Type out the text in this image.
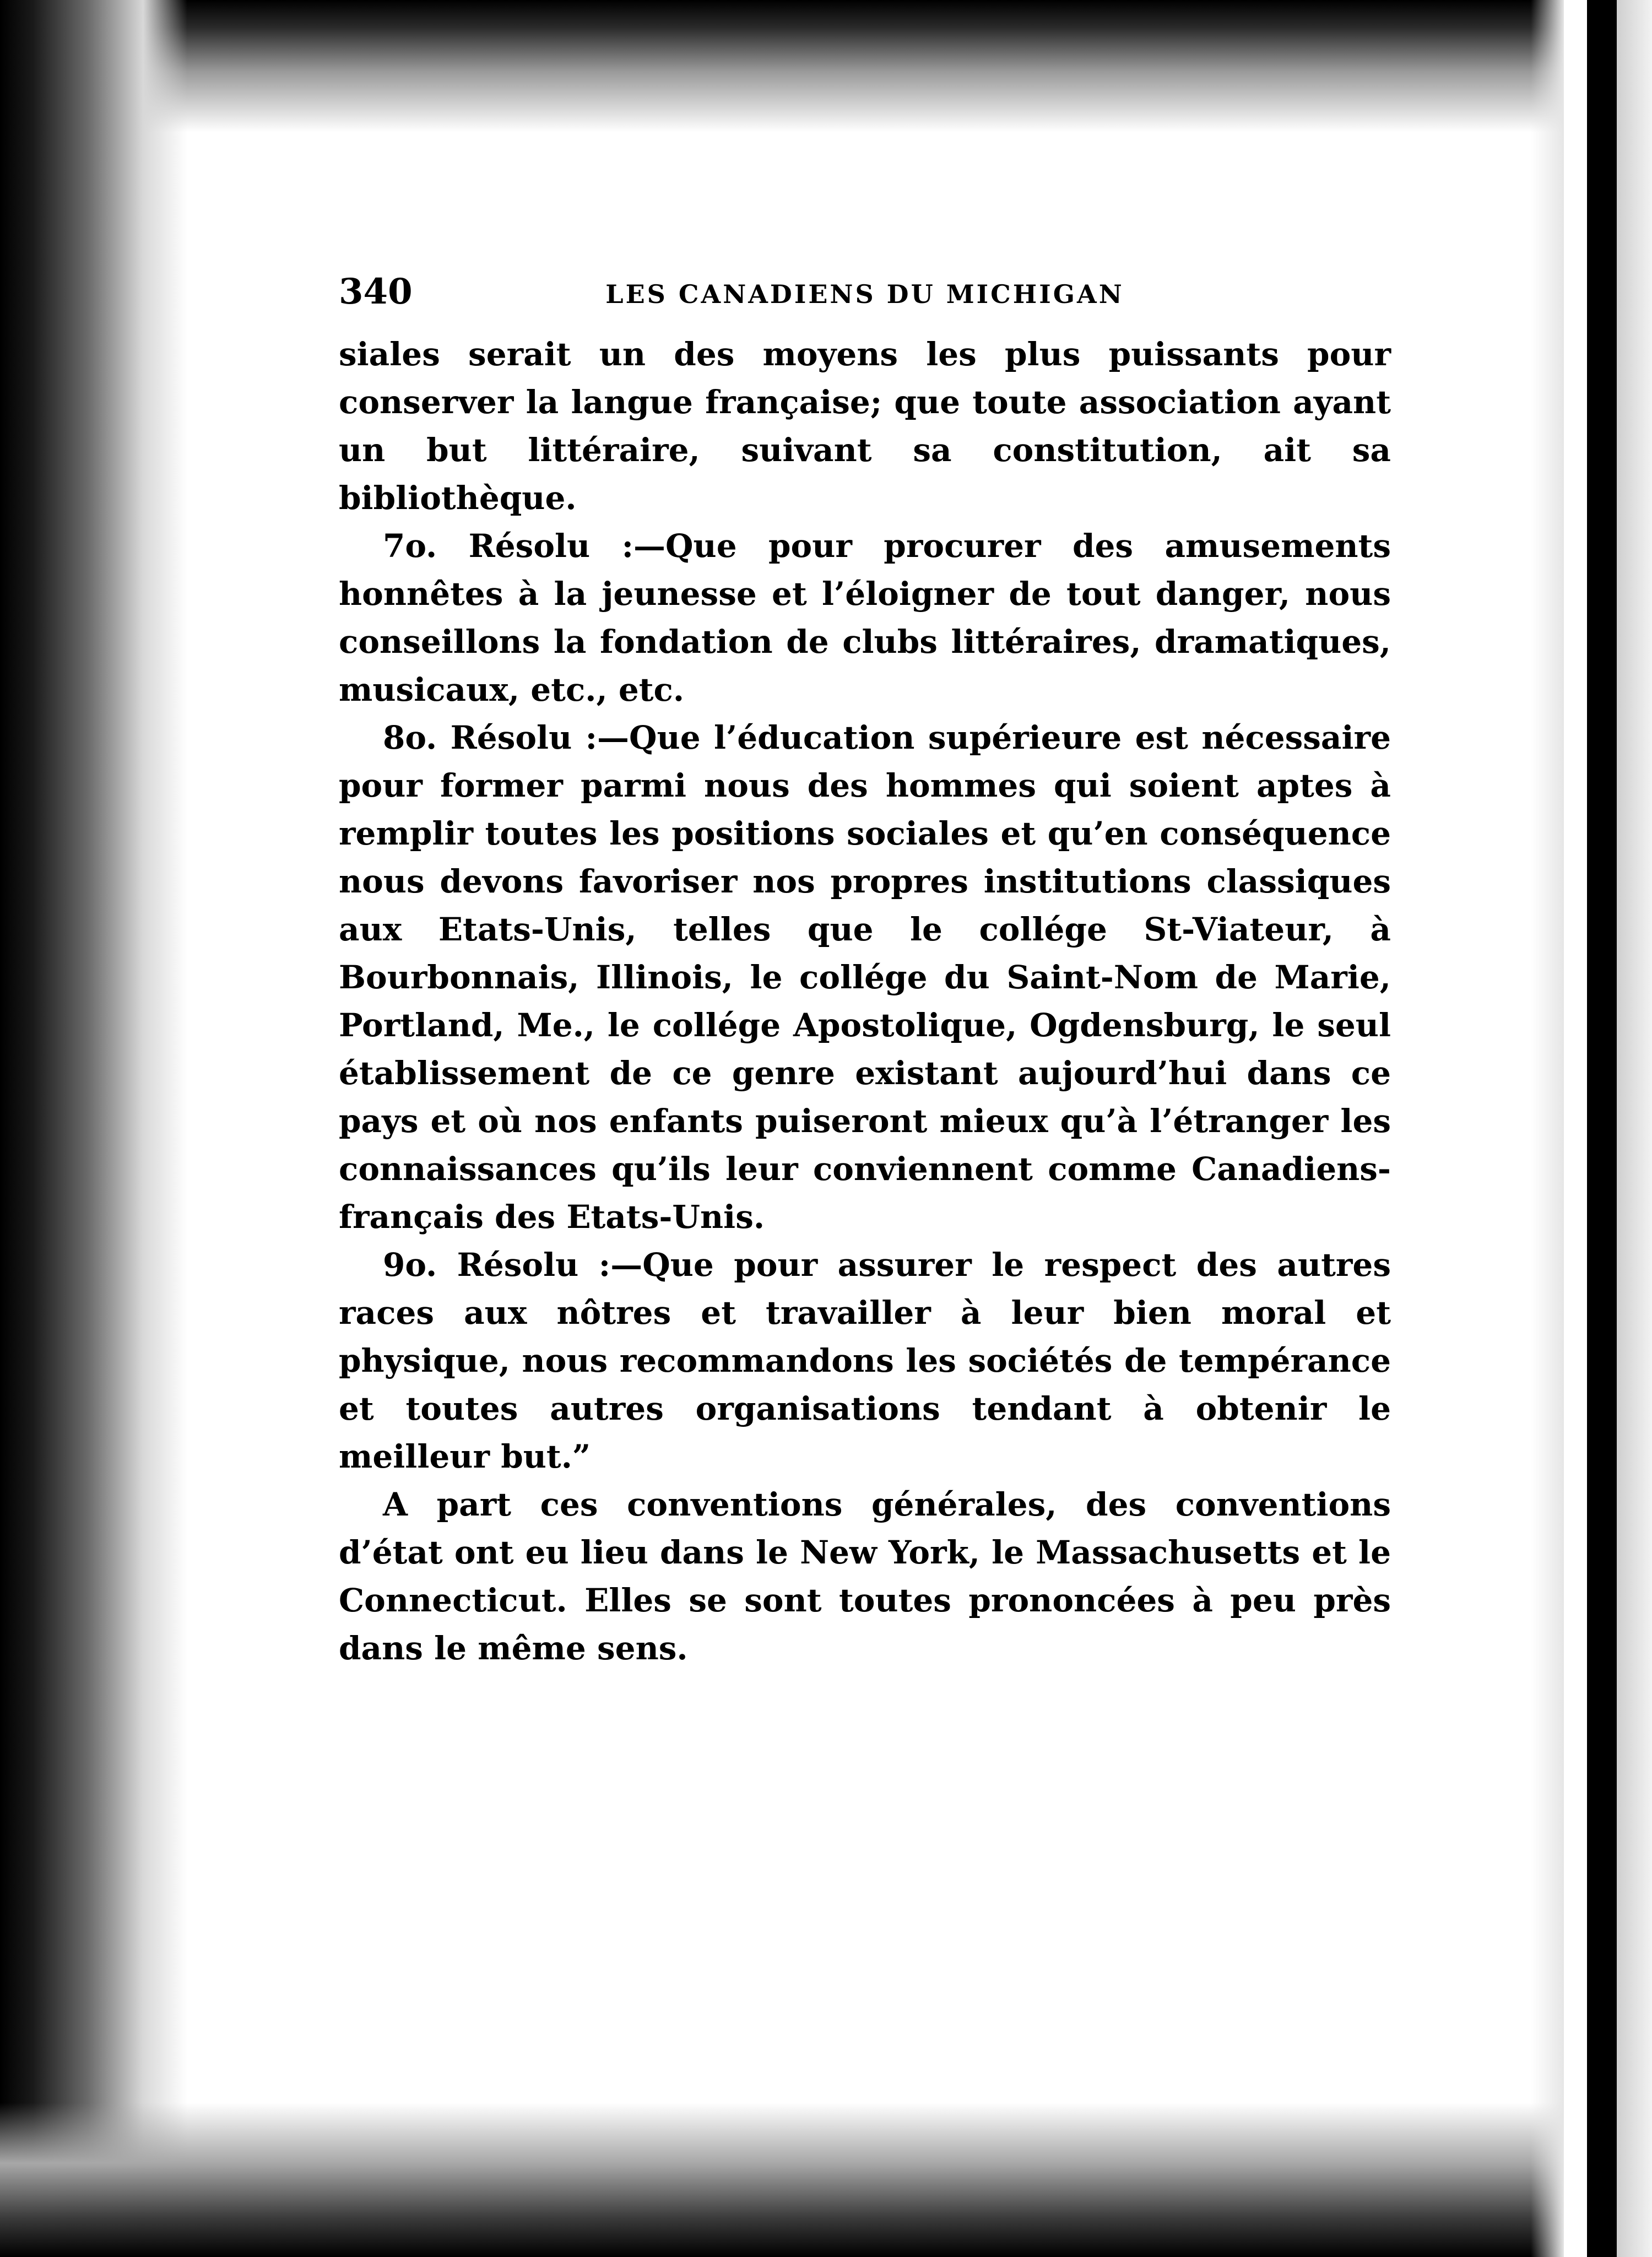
340	LES CANADIENS DU MICHIGAN

siales serait un des moyens les plus puissants pour conserver la langue française; que toute association ayant un but littéraire, suivant sa constitution, ait sa bibliothèque.

7o. Résolu :—Que pour procurer des amusements honnêtes à la jeunesse et l’éloigner de tout danger, nous conseillons la fondation de clubs littéraires, dramatiques, musicaux, etc., etc.

8o. Résolu :—Que l’éducation supérieure est nécessaire pour former parmi nous des hommes qui soient aptes à remplir toutes les positions sociales et qu’en conséquence nous devons favoriser nos propres institutions classiques aux Etats-Unis, telles que le collége St-Viateur, à Bourbonnais, Illinois, le collége du Saint-Nom de Marie, Portland, Me., le collége Apostolique, Ogdensburg, le seul établissement de ce genre existant aujourd’hui dans ce pays et où nos enfants puiseront mieux qu’à l’étranger les connaissances qu’ils leur conviennent comme Canadiens-français des Etats-Unis.

9o. Résolu :—Que pour assurer le respect des autres races aux nôtres et travailler à leur bien moral et physique, nous recommandons les sociétés de tempérance et toutes autres organisations tendant à obtenir le meilleur but.”

A part ces conventions générales, des conventions d’état ont eu lieu dans le New York, le Massachusetts et le Connecticut. Elles se sont toutes prononcées à peu près dans le même sens.
